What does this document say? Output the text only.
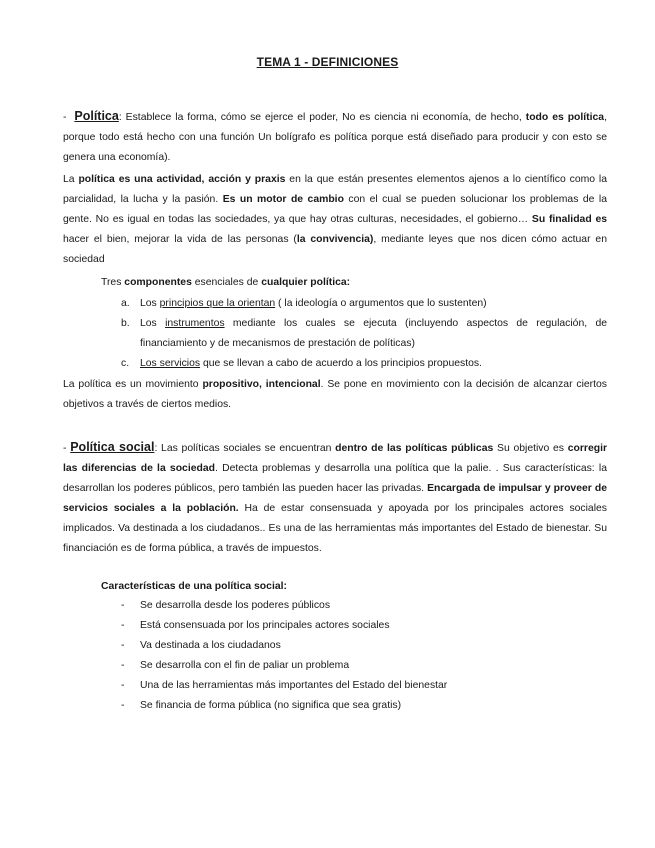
TEMA 1 - DEFINICIONES

- Política: Establece la forma, cómo se ejerce el poder, No es ciencia ni economía, de hecho, todo es política, porque todo está hecho con una función Un bolígrafo es política porque está diseñado para producir y con esto se genera una economía).

La política es una actividad, acción y praxis en la que están presentes elementos ajenos a lo científico como la parcialidad, la lucha y la pasión. Es un motor de cambio con el cual se pueden solucionar los problemas de la gente. No es igual en todas las sociedades, ya que hay otras culturas, necesidades, el gobierno… Su finalidad es hacer el bien, mejorar la vida de las personas (la convivencia), mediante leyes que nos dicen cómo actuar en sociedad

Tres componentes esenciales de cualquier política:

a. Los principios que la orientan ( la ideología o argumentos que lo sustenten)
b. Los instrumentos mediante los cuales se ejecuta (incluyendo aspectos de regulación, de financiamiento y de mecanismos de prestación de políticas)
c. Los servicios que se llevan a cabo de acuerdo a los principios propuestos.

La política es un movimiento propositivo, intencional. Se pone en movimiento con la decisión de alcanzar ciertos objetivos a través de ciertos medios.

- Política social: Las políticas sociales se encuentran dentro de las políticas públicas Su objetivo es corregir las diferencias de la sociedad. Detecta problemas y desarrolla una política que la palie. . Sus características: la desarrollan los poderes públicos, pero también las pueden hacer las privadas. Encargada de impulsar y proveer de servicios sociales a la población. Ha de estar consensuada y apoyada por los principales actores sociales implicados. Va destinada a los ciudadanos.. Es una de las herramientas más importantes del Estado de bienestar. Su financiación es de forma pública, a través de impuestos.

Características de una política social:

- Se desarrolla desde los poderes públicos
- Está consensuada por los principales actores sociales
- Va destinada a los ciudadanos
- Se desarrolla con el fin de paliar un problema
- Una de las herramientas más importantes del Estado del bienestar
- Se financia de forma pública (no significa que sea gratis)
